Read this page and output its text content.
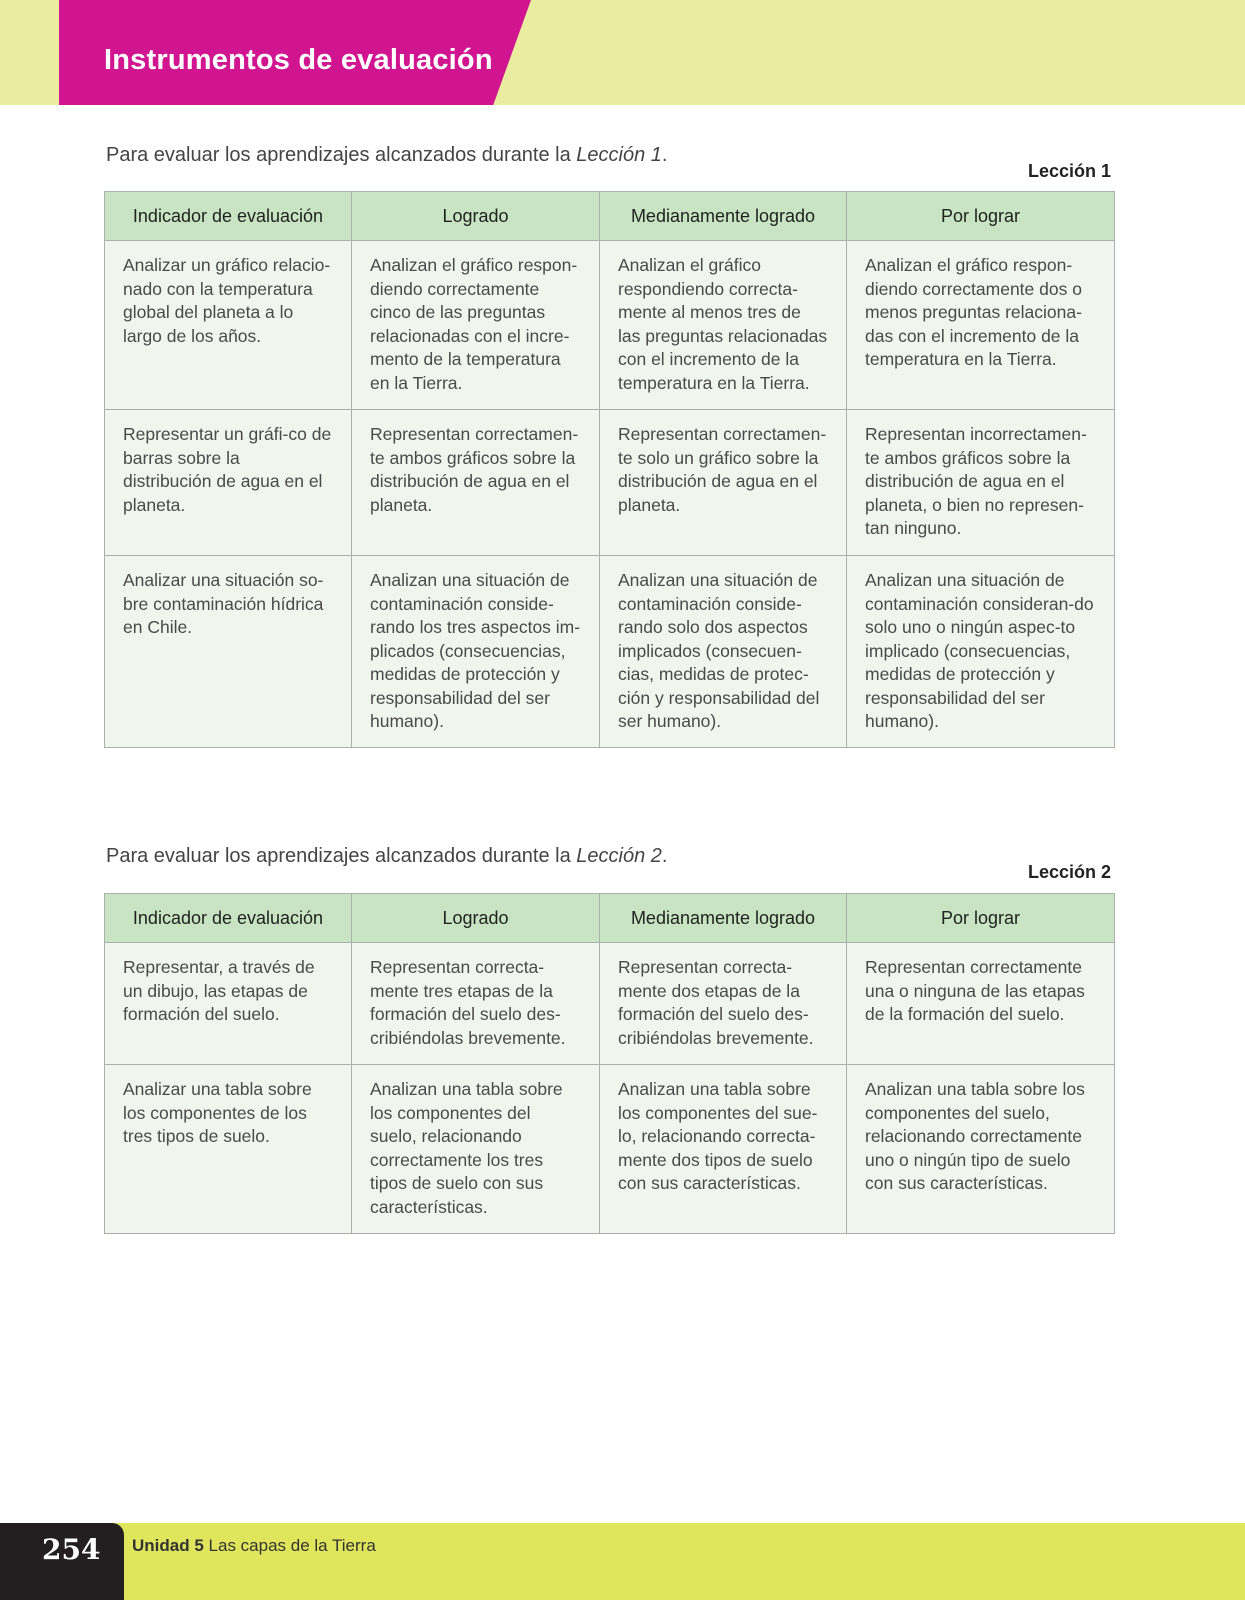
Instrumentos de evaluación
Para evaluar los aprendizajes alcanzados durante la Lección 1.
Lección 1
Indicador de evaluación	Logrado	Medianamente logrado	Por lograr
Analizar un gráfico relacio-nado con la temperatura global del planeta a lo largo de los años.	Analizan el gráfico respon-diendo correctamente cinco de las preguntas relacionadas con el incre-mento de la temperatura en la Tierra.	Analizan el gráfico respondiendo correcta-mente al menos tres de las preguntas relacionadas con el incremento de la temperatura en la Tierra.	Analizan el gráfico respon-diendo correctamente dos o menos preguntas relaciona-das con el incremento de la temperatura en la Tierra.
Representar un gráfi-co de barras sobre la distribución de agua en el planeta.	Representan correctamen-te ambos gráficos sobre la distribución de agua en el planeta.	Representan correctamen-te solo un gráfico sobre la distribución de agua en el planeta.	Representan incorrectamen-te ambos gráficos sobre la distribución de agua en el planeta, o bien no represen-tan ninguno.
Analizar una situación so-bre contaminación hídrica en Chile.	Analizan una situación de contaminación conside-rando los tres aspectos im-plicados (consecuencias, medidas de protección y responsabilidad del ser humano).	Analizan una situación de contaminación conside-rando solo dos aspectos implicados (consecuen-cias, medidas de protec-ción y responsabilidad del ser humano).	Analizan una situación de contaminación consideran-do solo uno o ningún aspec-to implicado (consecuencias, medidas de protección y responsabilidad del ser humano).
Para evaluar los aprendizajes alcanzados durante la Lección 2.
Lección 2
Indicador de evaluación	Logrado	Medianamente logrado	Por lograr
Representar, a través de un dibujo, las etapas de formación del suelo.	Representan correcta-mente tres etapas de la formación del suelo des-cribiéndolas brevemente.	Representan correcta-mente dos etapas de la formación del suelo des-cribiéndolas brevemente.	Representan correctamente una o ninguna de las etapas de la formación del suelo.
Analizar una tabla sobre los componentes de los tres tipos de suelo.	Analizan una tabla sobre los componentes del suelo, relacionando correctamente los tres tipos de suelo con sus características.	Analizan una tabla sobre los componentes del sue-lo, relacionando correcta-mente dos tipos de suelo con sus características.	Analizan una tabla sobre los componentes del suelo, relacionando correctamente uno o ningún tipo de suelo con sus características.
254 Unidad 5 Las capas de la Tierra
